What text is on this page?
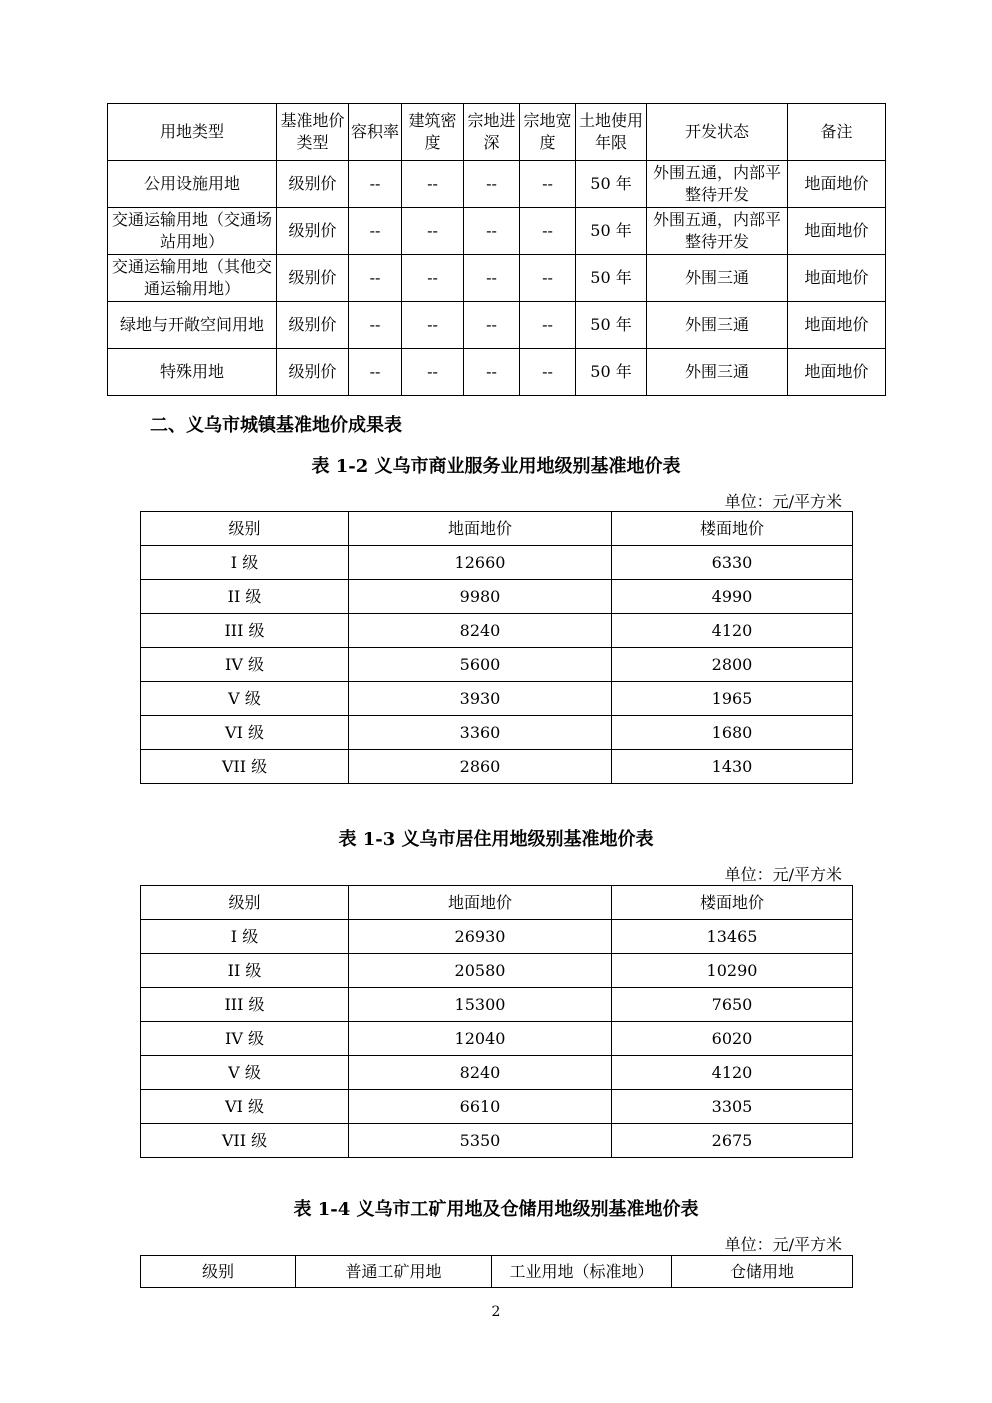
用地类型	基准地价类型	容积率	建筑密度	宗地进深	宗地宽度	土地使用年限	开发状态	备注
公用设施用地	级别价	--	--	--	--	50 年	外围五通，内部平整待开发	地面地价
交通运输用地（交通场站用地）	级别价	--	--	--	--	50 年	外围五通，内部平整待开发	地面地价
交通运输用地（其他交通运输用地）	级别价	--	--	--	--	50 年	外围三通	地面地价
绿地与开敞空间用地	级别价	--	--	--	--	50 年	外围三通	地面地价
特殊用地	级别价	--	--	--	--	50 年	外围三通	地面地价
二、义乌市城镇基准地价成果表
表 1-2 义乌市商业服务业用地级别基准地价表
单位：元/平方米
级别	地面地价	楼面地价
I 级	12660	6330
II 级	9980	4990
III 级	8240	4120
IV 级	5600	2800
V 级	3930	1965
VI 级	3360	1680
VII 级	2860	1430
表 1-3 义乌市居住用地级别基准地价表
单位：元/平方米
级别	地面地价	楼面地价
I 级	26930	13465
II 级	20580	10290
III 级	15300	7650
IV 级	12040	6020
V 级	8240	4120
VI 级	6610	3305
VII 级	5350	2675
表 1-4 义乌市工矿用地及仓储用地级别基准地价表
单位：元/平方米
级别	普通工矿用地	工业用地（标准地）	仓储用地
2
